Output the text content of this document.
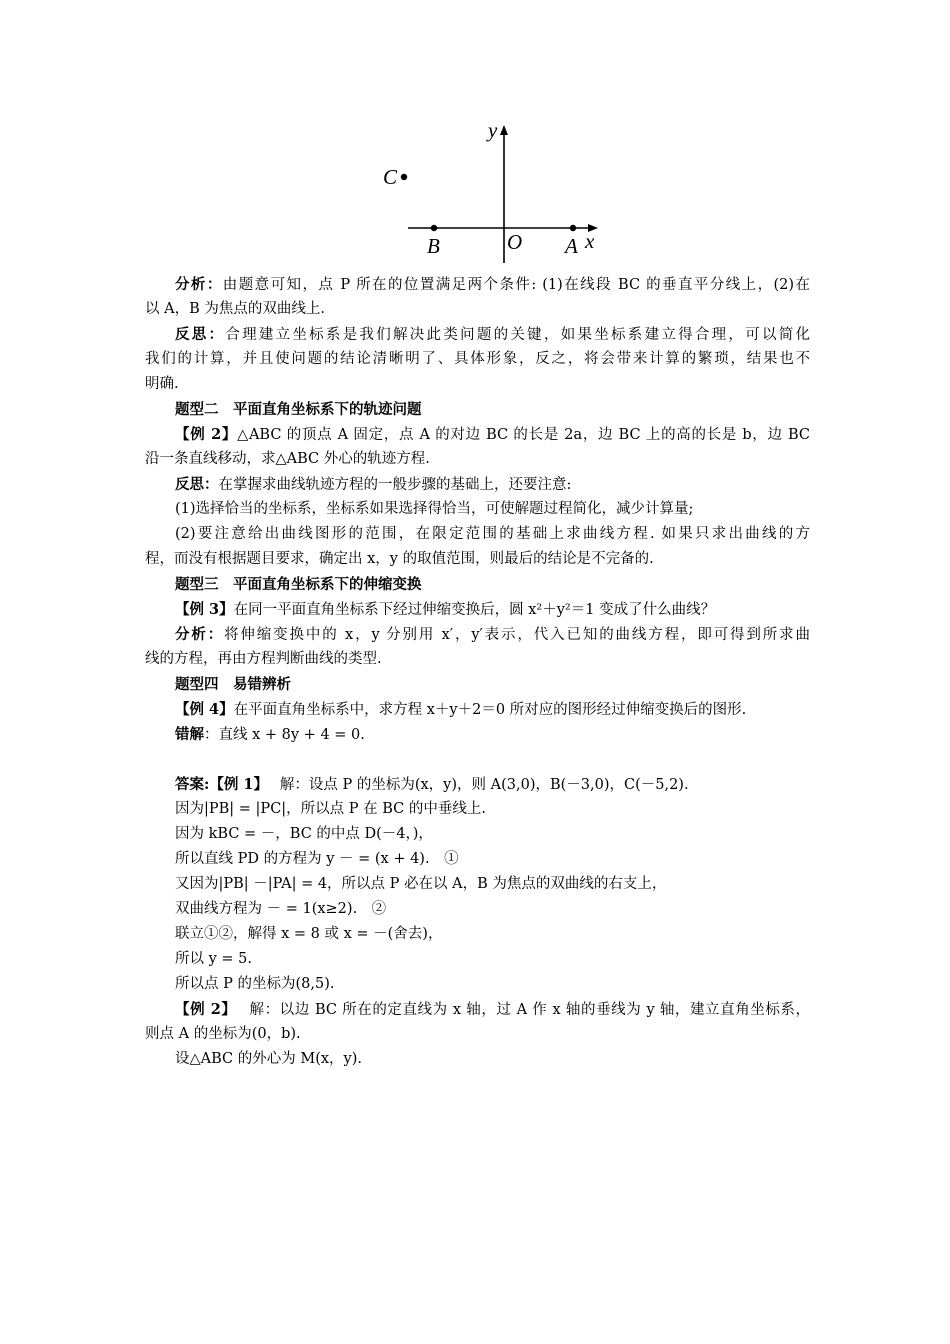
y
C
B	O A x
分析：由题意可知，点 P 所在的位置满足两个条件: (1)在线段 BC 的垂直平分线上，(2)在
以 A，B 为焦点的双曲线上.
反思：合理建立坐标系是我们解决此类问题的关键，如果坐标系建立得合理，可以简化
我们的计算，并且使问题的结论清晰明了、具体形象，反之，将会带来计算的繁琐，结果也不
明确.
题型二　平面直角坐标系下的轨迹问题
【例 2】△ABC 的顶点 A 固定，点 A 的对边 BC 的长是 2a，边 BC 上的高的长是 b，边 BC
沿一条直线移动，求△ABC 外心的轨迹方程.
反思：在掌握求曲线轨迹方程的一般步骤的基础上，还要注意:
(1)选择恰当的坐标系，坐标系如果选择得恰当，可使解题过程简化，减少计算量;
(2)要注意给出曲线图形的范围，在限定范围的基础上求曲线方程. 如果只求出曲线的方
程，而没有根据题目要求，确定出 x，y 的取值范围，则最后的结论是不完备的.
题型三　平面直角坐标系下的伸缩变换
【例 3】在同一平面直角坐标系下经过伸缩变换后，圆 x²＋y²＝1 变成了什么曲线？
分析：将伸缩变换中的 x，y 分别用 x′，y′表示，代入已知的曲线方程，即可得到所求曲
线的方程，再由方程判断曲线的类型.
题型四　易错辨析
【例 4】在平面直角坐标系中，求方程 x＋y＋2＝0 所对应的图形经过伸缩变换后的图形.
错解：直线 x + 8y + 4 = 0.
答案:【例 1】　 解：设点 P 的坐标为(x，y)，则 A(3,0)，B(－3,0)，C(－5,2).
因为|PB| = |PC|，所以点 P 在 BC 的中垂线上.
因为 kBC = －，BC 的中点 D(－4，)，
所以直线 PD 的方程为 y － = (x + 4).　①
又因为|PB| －|PA| = 4，所以点 P 必在以 A，B 为焦点的双曲线的右支上，
双曲线方程为 － = 1(x≥2).　②
联立①②，解得 x = 8 或 x = －(舍去)，
所以 y = 5.
所以点 P 的坐标为(8,5).
【例 2】　 解：以边 BC 所在的定直线为 x 轴，过 A 作 x 轴的垂线为 y 轴，建立直角坐标系，
则点 A 的坐标为(0，b).
设△ABC 的外心为 M(x，y).
